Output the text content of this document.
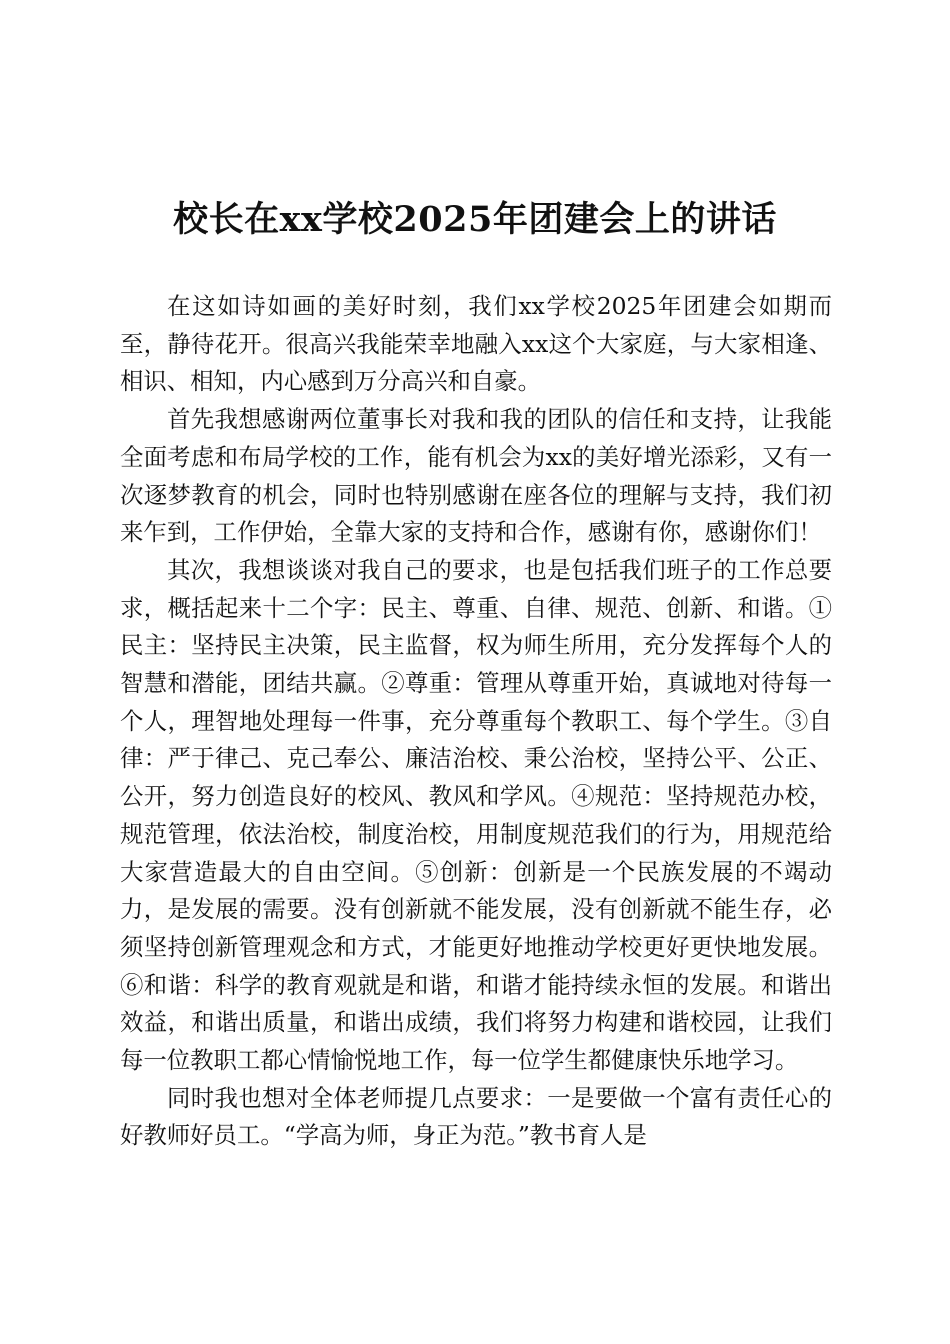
校长在xx学校2025年团建会上的讲话

在这如诗如画的美好时刻，我们xx学校2025年团建会如期而至，静待花开。很高兴我能荣幸地融入xx这个大家庭，与大家相逢、相识、相知，内心感到万分高兴和自豪。

首先我想感谢两位董事长对我和我的团队的信任和支持，让我能全面考虑和布局学校的工作，能有机会为xx的美好增光添彩，又有一次逐梦教育的机会，同时也特别感谢在座各位的理解与支持，我们初来乍到，工作伊始，全靠大家的支持和合作，感谢有你，感谢你们！

其次，我想谈谈对我自己的要求，也是包括我们班子的工作总要求，概括起来十二个字：民主、尊重、自律、规范、创新、和谐。①民主：坚持民主决策，民主监督，权为师生所用，充分发挥每个人的智慧和潜能，团结共赢。②尊重：管理从尊重开始，真诚地对待每一个人，理智地处理每一件事，充分尊重每个教职工、每个学生。③自律：严于律己、克己奉公、廉洁治校、秉公治校，坚持公平、公正、公开，努力创造良好的校风、教风和学风。④规范：坚持规范办校，规范管理，依法治校，制度治校，用制度规范我们的行为，用规范给大家营造最大的自由空间。⑤创新：创新是一个民族发展的不竭动力，是发展的需要。没有创新就不能发展，没有创新就不能生存，必须坚持创新管理观念和方式，才能更好地推动学校更好更快地发展。⑥和谐：科学的教育观就是和谐，和谐才能持续永恒的发展。和谐出效益，和谐出质量，和谐出成绩，我们将努力构建和谐校园，让我们每一位教职工都心情愉悦地工作，每一位学生都健康快乐地学习。

同时我也想对全体老师提几点要求：一是要做一个富有责任心的好教师好员工。“学高为师，身正为范。”教书育人是
